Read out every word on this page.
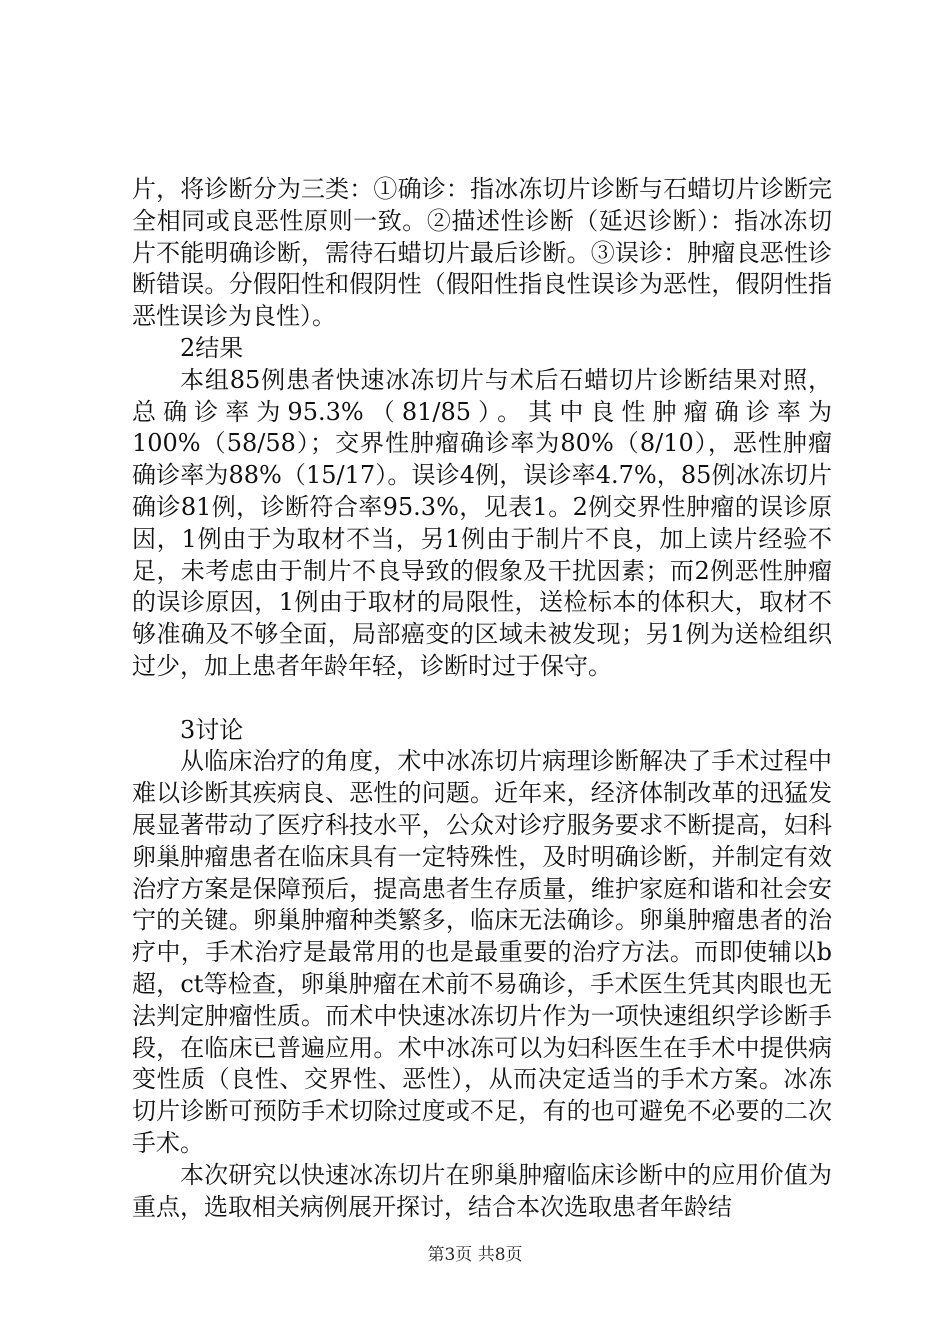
片，将诊断分为三类：①确诊：指冰冻切片诊断与石蜡切片诊断完全相同或良恶性原则一致。②描述性诊断（延迟诊断）：指冰冻切片不能明确诊断，需待石蜡切片最后诊断。③误诊：肿瘤良恶性诊断错误。分假阳性和假阴性（假阳性指良性误诊为恶性，假阴性指恶性误诊为良性）。

2结果

本组85例患者快速冰冻切片与术后石蜡切片诊断结果对照，总确诊率为95.3%（81/85）。其中良性肿瘤确诊率为100%（58/58）；交界性肿瘤确诊率为80%（8/10），恶性肿瘤确诊率为88%（15/17）。误诊4例，误诊率4.7%，85例冰冻切片确诊81例，诊断符合率95.3%，见表1。2例交界性肿瘤的误诊原因，1例由于为取材不当，另1例由于制片不良，加上读片经验不足，未考虑由于制片不良导致的假象及干扰因素；而2例恶性肿瘤的误诊原因，1例由于取材的局限性，送检标本的体积大，取材不够准确及不够全面，局部癌变的区域未被发现；另1例为送检组织过少，加上患者年龄年轻，诊断时过于保守。

3讨论

从临床治疗的角度，术中冰冻切片病理诊断解决了手术过程中难以诊断其疾病良、恶性的问题。近年来，经济体制改革的迅猛发展显著带动了医疗科技水平，公众对诊疗服务要求不断提高，妇科卵巢肿瘤患者在临床具有一定特殊性，及时明确诊断，并制定有效治疗方案是保障预后，提高患者生存质量，维护家庭和谐和社会安宁的关键。卵巢肿瘤种类繁多，临床无法确诊。卵巢肿瘤患者的治疗中，手术治疗是最常用的也是最重要的治疗方法。而即使辅以b超，ct等检查，卵巢肿瘤在术前不易确诊，手术医生凭其肉眼也无法判定肿瘤性质。而术中快速冰冻切片作为一项快速组织学诊断手段，在临床已普遍应用。术中冰冻可以为妇科医生在手术中提供病变性质（良性、交界性、恶性），从而决定适当的手术方案。冰冻切片诊断可预防手术切除过度或不足，有的也可避免不必要的二次手术。

本次研究以快速冰冻切片在卵巢肿瘤临床诊断中的应用价值为重点，选取相关病例展开探讨，结合本次选取患者年龄结

第3页 共8页
